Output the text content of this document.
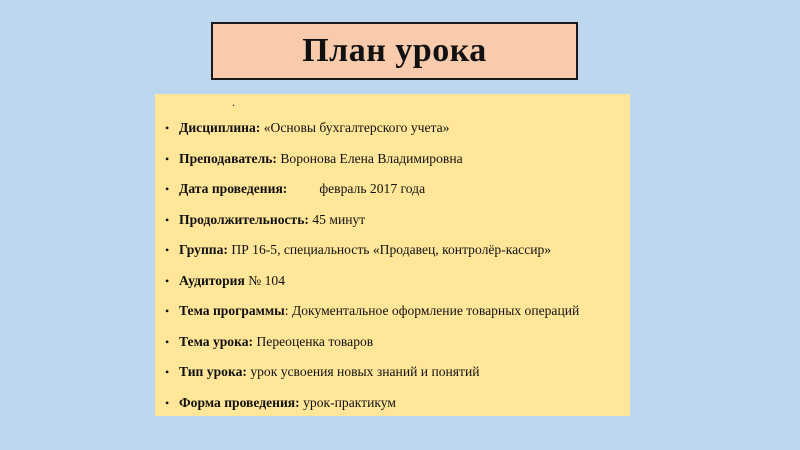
План урока
• Дисциплина: «Основы бухгалтерского учета»
• Преподаватель: Воронова Елена Владимировна
• Дата проведения: февраль 2017 года
• Продолжительность: 45 минут
• Группа: ПР 16-5, специальность «Продавец, контролёр-кассир»
• Аудитория № 104
• Тема программы: Документальное оформление товарных операций
• Тема урока: Переоценка товаров
• Тип урока: урок усвоения новых знаний и понятий
• Форма проведения: урок-практикум
.
